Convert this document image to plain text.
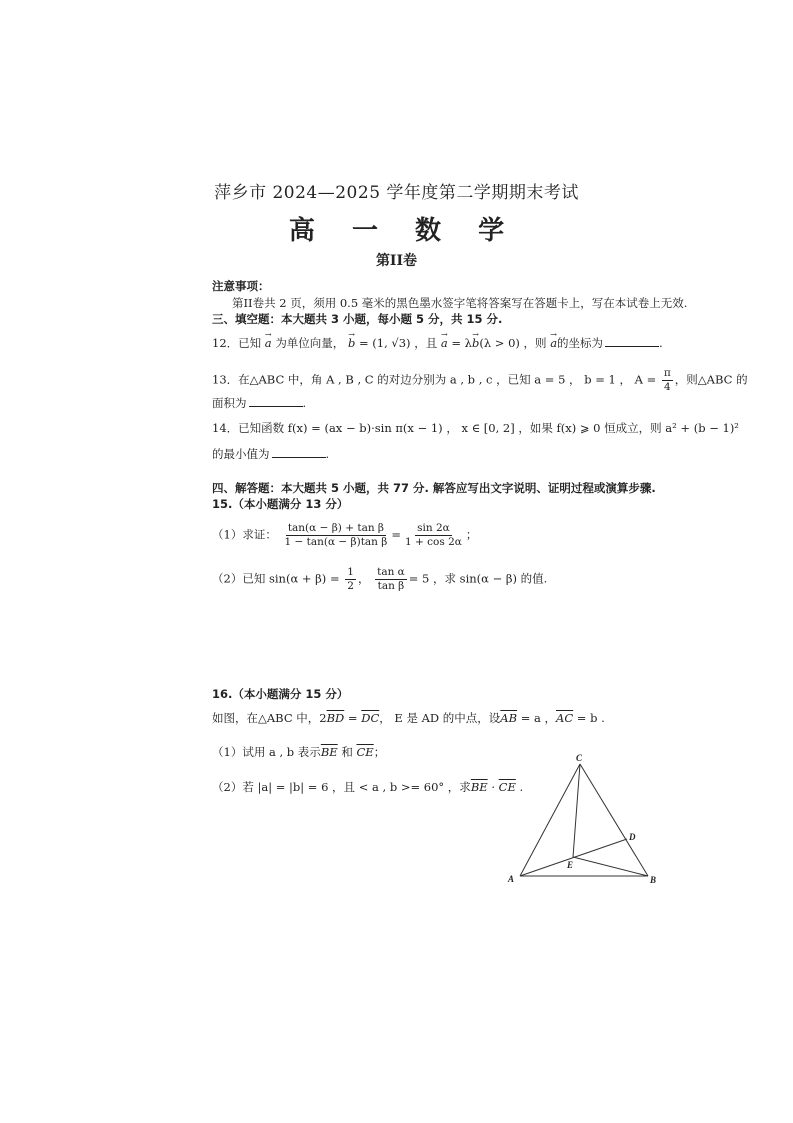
萍乡市 2024—2025 学年度第二学期期末考试
高 一 数 学
第II卷
注意事项：
第II卷共 2 页，须用 0.5 毫米的黑色墨水签字笔将答案写在答题卡上，写在本试卷上无效.
三、填空题：本大题共 3 小题，每小题 5 分，共 15 分.
12．已知 → a 为单位向量， → b = (1, √3) ，且 → a = λ→ b(λ > 0) ，则 → a的坐标为	.
13．在△ABC 中，角 A , B , C 的对边分别为 a , b , c ，已知 a = 5 ， b = 1 ， $A = \frac{\pi}{4}$ ，则△ABC 的
面积为	.
14．已知函数 f(x) = (ax − b)·sin π(x − 1) ， x ∈ [0, 2] ，如果 f(x) ⩾ 0 恒成立，则 a² + (b − 1)²
的最小值为	.
四、解答题：本大题共 5 小题，共 77 分. 解答应写出文字说明、证明过程或演算步骤.
15.（本小题满分 13 分）
（1）求证： $\frac{\text{tan(α − β) + tan β}}{\text{1 − tan(α − β)tan β}} = \frac{\sin 2\alpha}{1 + \cos 2\alpha}$ ；
（2）已知 $\sin(\alpha + \beta) = \frac{1}{2}$ ， $\frac{\text{tan α}}{\text{tan β}} = 5$ ，求 sin(α − β) 的值.
16.（本小题满分 15 分）
如图，在△ABC 中，$2\overline{BD} = \overline{DC}$， E 是 AD 的中点，设$\overline{AB} = a$ ，$\overline{AC} = b$ .
（1）试用 a , b 表示$\overline{BE}$ 和 $\overline{CE}$；
（2）若 |a| = |b| = 6 ，且 < a , b >= 60° ，求$\overline{BE} \cdot \overline{CE}$ .
A	B
C
D
E
